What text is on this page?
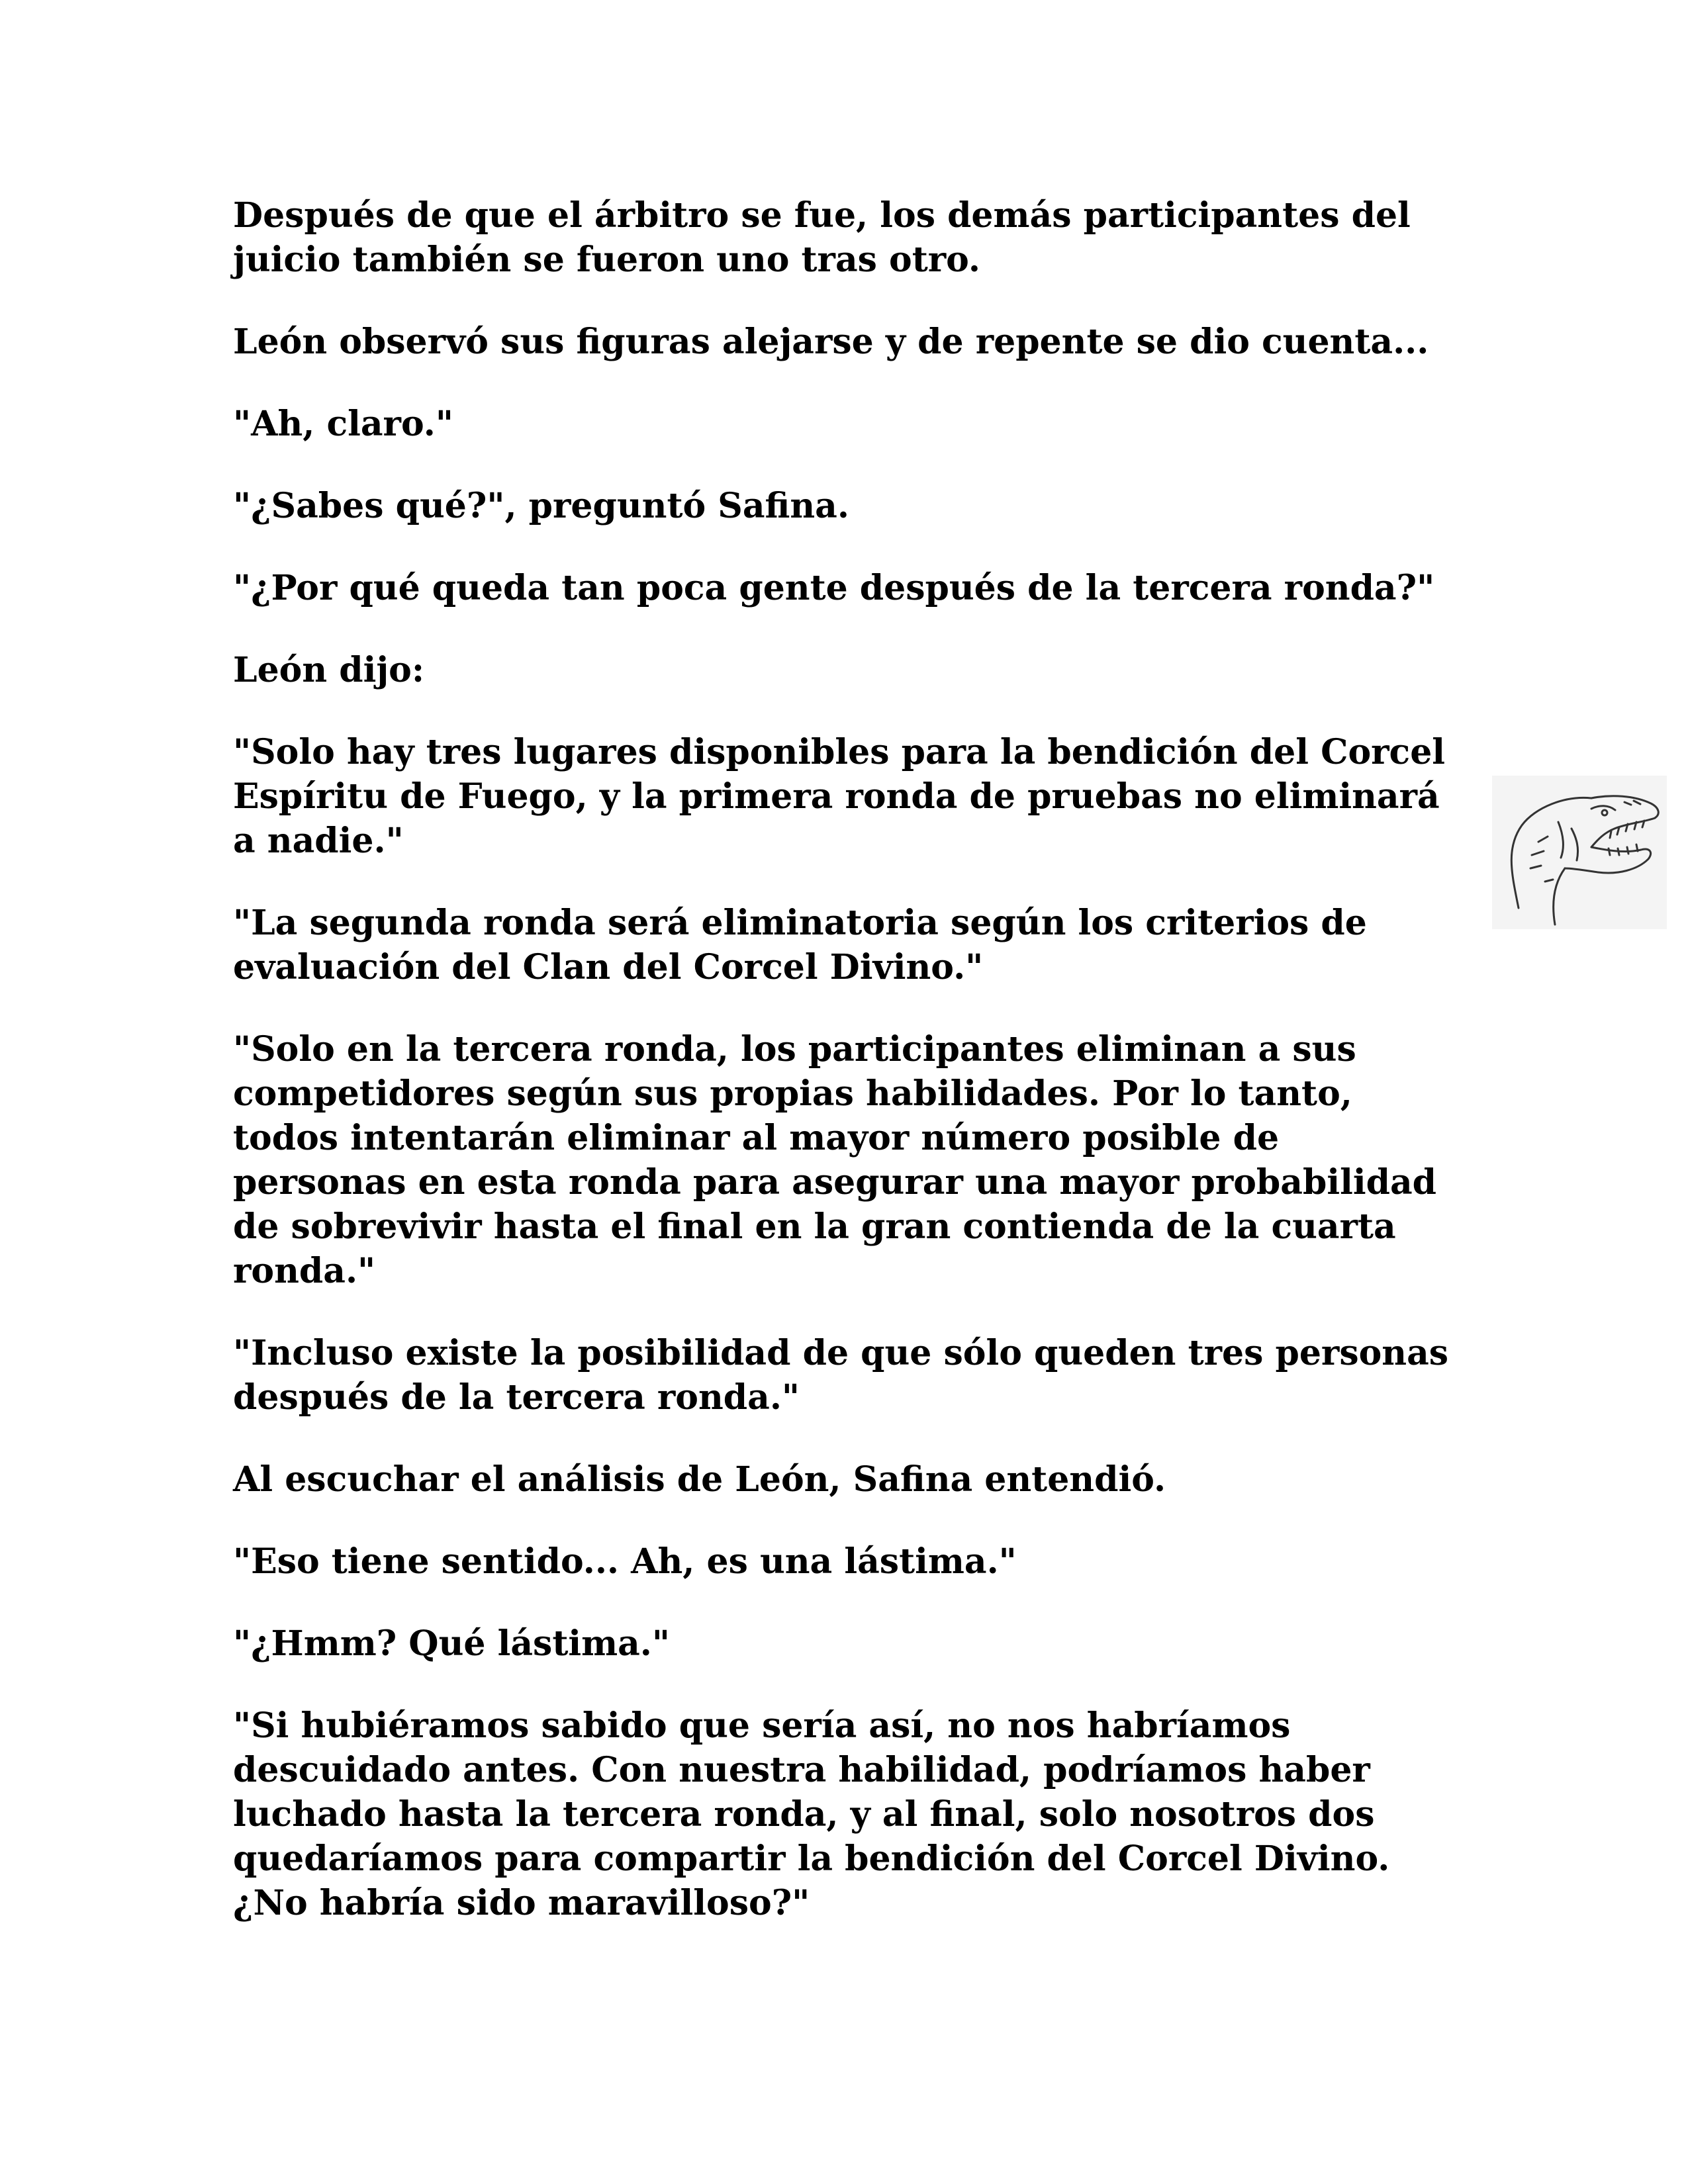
Después de que el árbitro se fue, los demás participantes del
juicio también se fueron uno tras otro.

León observó sus figuras alejarse y de repente se dio cuenta...

"Ah, claro."

"¿Sabes qué?", preguntó Safina.

"¿Por qué queda tan poca gente después de la tercera ronda?"

León dijo:

"Solo hay tres lugares disponibles para la bendición del Corcel
Espíritu de Fuego, y la primera ronda de pruebas no eliminará
a nadie."

"La segunda ronda será eliminatoria según los criterios de
evaluación del Clan del Corcel Divino."

"Solo en la tercera ronda, los participantes eliminan a sus
competidores según sus propias habilidades. Por lo tanto,
todos intentarán eliminar al mayor número posible de
personas en esta ronda para asegurar una mayor probabilidad
de sobrevivir hasta el final en la gran contienda de la cuarta
ronda."

"Incluso existe la posibilidad de que sólo queden tres personas
después de la tercera ronda."

Al escuchar el análisis de León, Safina entendió.

"Eso tiene sentido... Ah, es una lástima."

"¿Hmm? Qué lástima."

"Si hubiéramos sabido que sería así, no nos habríamos
descuidado antes. Con nuestra habilidad, podríamos haber
luchado hasta la tercera ronda, y al final, solo nosotros dos
quedaríamos para compartir la bendición del Corcel Divino.
¿No habría sido maravilloso?"
